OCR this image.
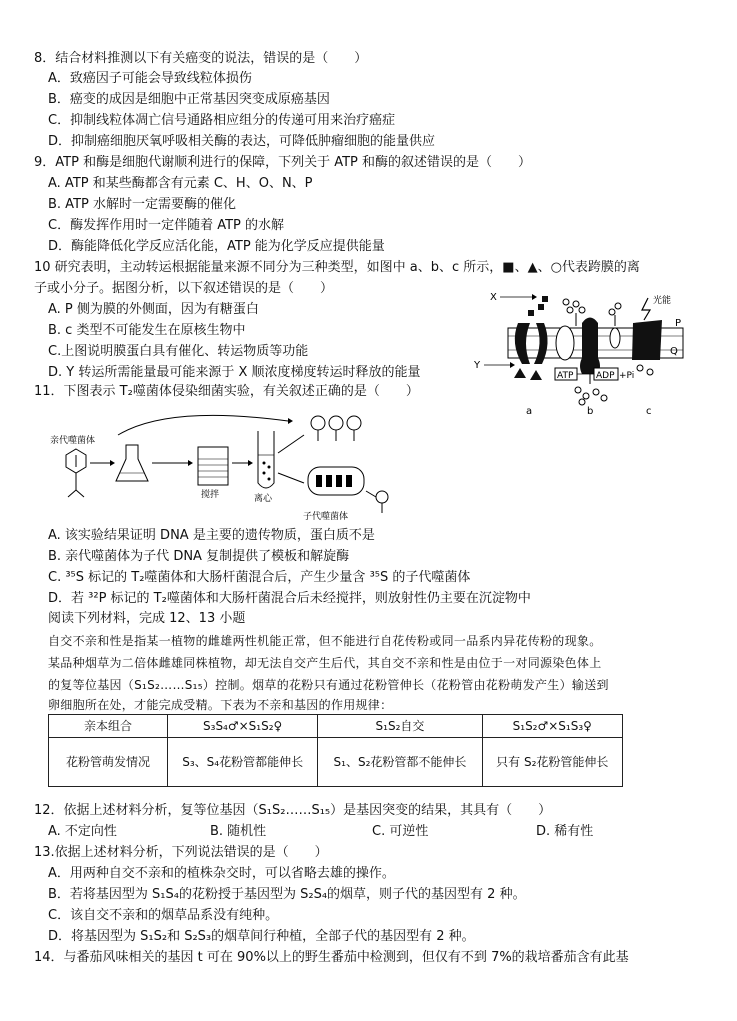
8．结合材料推测以下有关癌变的说法，错误的是（　　）
A．致癌因子可能会导致线粒体损伤
B．癌变的成因是细胞中正常基因突变成原癌基因
C．抑制线粒体凋亡信号通路相应组分的传递可用来治疗癌症
D．抑制癌细胞厌氧呼吸相关酶的表达，可降低肿瘤细胞的能量供应
9．ATP 和酶是细胞代谢顺利进行的保障，下列关于 ATP 和酶的叙述错误的是（　　）
A. ATP 和某些酶都含有元素 C、H、O、N、P
B. ATP 水解时一定需要酶的催化
C．酶发挥作用时一定伴随着 ATP 的水解
D．酶能降低化学反应活化能，ATP 能为化学反应提供能量
10 研究表明，主动转运根据能量来源不同分为三种类型，如图中 a、b、c 所示，■、▲、○代表跨膜的离
子或小分子。据图分析，以下叙述错误的是（　　）
A. P 侧为膜的外侧面，因为有糖蛋白
B. c 类型不可能发生在原核生物中
C.上图说明膜蛋白具有催化、转运物质等功能
D. Y 转运所需能量最可能来源于 X 顺浓度梯度转运时释放的能量
X
Y
P
Q
光能
ATP	ADP +Pi
a	b	c
11．下图表示 T₂噬菌体侵染细菌实验，有关叙述正确的是（　　）
亲代噬菌体
搅拌	离心
子代噬菌体
A. 该实验结果证明 DNA 是主要的遗传物质，蛋白质不是
B. 亲代噬菌体为子代 DNA 复制提供了模板和解旋酶
C. ³⁵S 标记的 T₂噬菌体和大肠杆菌混合后，产生少量含 ³⁵S 的子代噬菌体
D．若 ³²P 标记的 T₂噬菌体和大肠杆菌混合后未经搅拌，则放射性仍主要在沉淀物中
阅读下列材料，完成 12、13 小题
自交不亲和性是指某一植物的雌雄两性机能正常，但不能进行自花传粉或同一品系内异花传粉的现象。
某品种烟草为二倍体雌雄同株植物，却无法自交产生后代，其自交不亲和性是由位于一对同源染色体上
的复等位基因（S₁S₂……S₁₅）控制。烟草的花粉只有通过花粉管伸长（花粉管由花粉萌发产生）输送到
卵细胞所在处，才能完成受精。下表为不亲和基因的作用规律：
亲本组合	S₃S₄♂×S₁S₂♀	S₁S₂自交	S₁S₂♂×S₁S₃♀
花粉管萌发情况	S₃、S₄花粉管都能伸长	S₁、S₂花粉管都不能伸长	只有 S₂花粉管能伸长
12．依据上述材料分析，复等位基因（S₁S₂……S₁₅）是基因突变的结果，其具有（　　）
A. 不定向性	B. 随机性	C. 可逆性	D. 稀有性
13.依据上述材料分析，下列说法错误的是（　　）
A．用两种自交不亲和的植株杂交时，可以省略去雄的操作。
B．若将基因型为 S₁S₄的花粉授于基因型为 S₂S₄的烟草，则子代的基因型有 2 种。
C．该自交不亲和的烟草品系没有纯种。
D．将基因型为 S₁S₂和 S₂S₃的烟草间行种植，全部子代的基因型有 2 种。
14．与番茄风味相关的基因 t 可在 90%以上的野生番茄中检测到，但仅有不到 7%的栽培番茄含有此基
